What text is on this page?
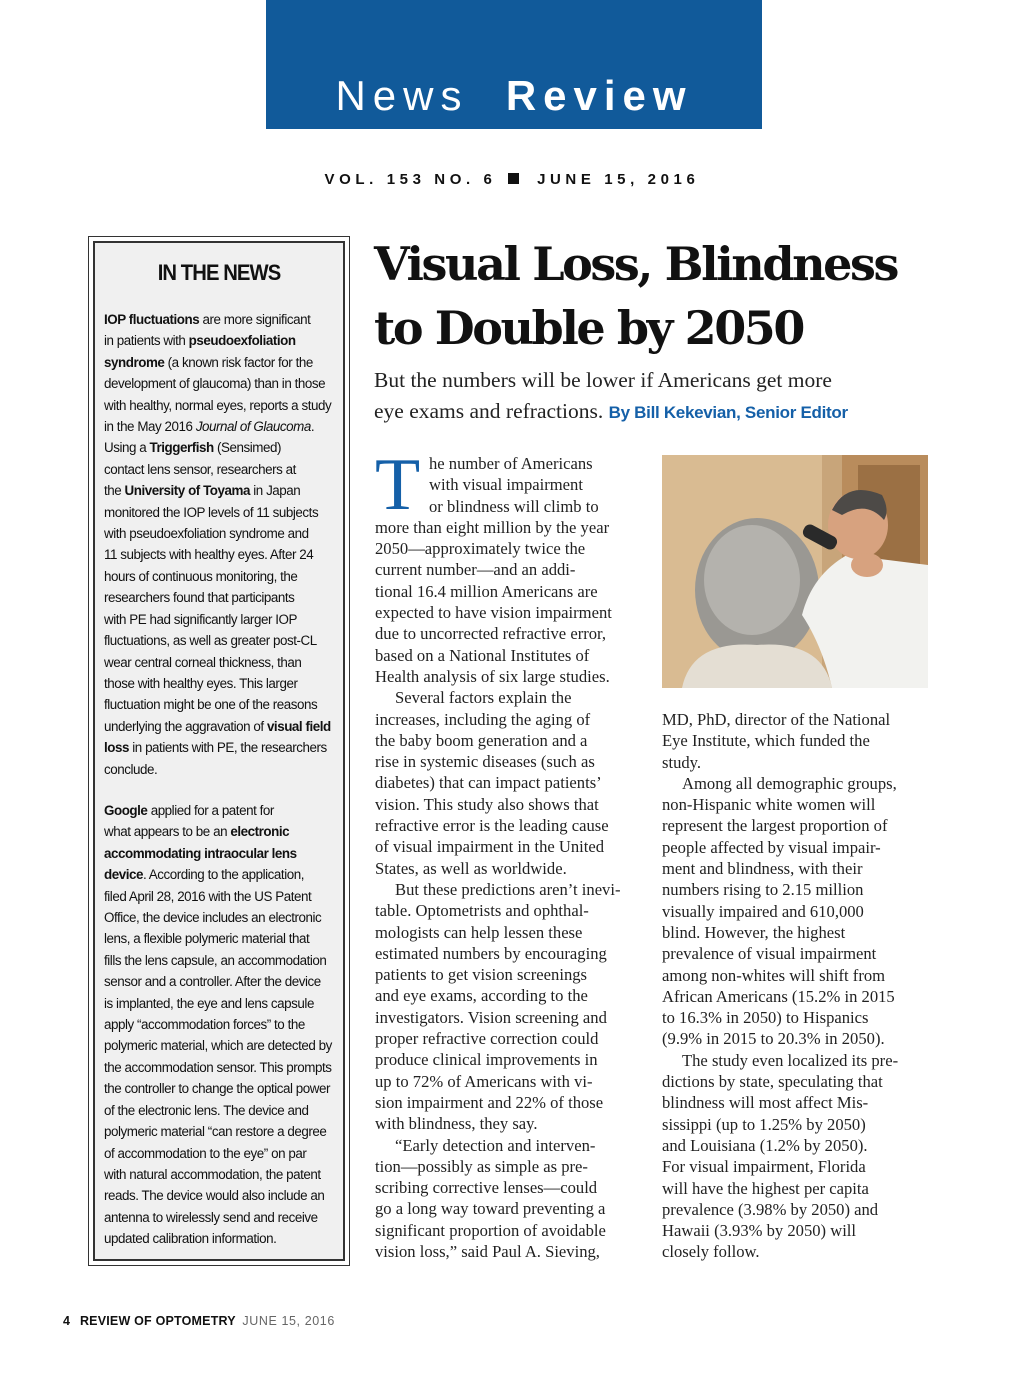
News Review
VOL. 153 NO. 6	JUNE 15, 2016
IN THE NEWS
IOP fluctuations are more significant
in patients with pseudoexfoliation
syndrome (a known risk factor for the
development of glaucoma) than in those
with healthy, normal eyes, reports a study
in the May 2016 Journal of Glaucoma.
Using a Triggerfish (Sensimed)
contact lens sensor, researchers at
the University of Toyama in Japan
monitored the IOP levels of 11 subjects
with pseudoexfoliation syndrome and
11 subjects with healthy eyes. After 24
hours of continuous monitoring, the
researchers found that participants
with PE had significantly larger IOP
fluctuations, as well as greater post-CL
wear central corneal thickness, than
those with healthy eyes. This larger
fluctuation might be one of the reasons
underlying the aggravation of visual field
loss in patients with PE, the researchers
conclude.
Google applied for a patent for
what appears to be an electronic
accommodating intraocular lens
device. According to the application,
filed April 28, 2016 with the US Patent
Office, the device includes an electronic
lens, a flexible polymeric material that
fills the lens capsule, an accommodation
sensor and a controller. After the device
is implanted, the eye and lens capsule
apply “accommodation forces” to the
polymeric material, which are detected by
the accommodation sensor. This prompts
the controller to change the optical power
of the electronic lens. The device and
polymeric material “can restore a degree
of accommodation to the eye” on par
with natural accommodation, the patent
reads. The device would also include an
antenna to wirelessly send and receive
updated calibration information.
Visual Loss, Blindness
to Double by 2050
But the numbers will be lower if Americans get more
eye exams and refractions. By Bill Kekevian, Senior Editor
T he number of Americans
with visual impairment
or blindness will climb to
more than eight million by the year
2050—approximately twice the
current number—and an addi-
tional 16.4 million Americans are
expected to have vision impairment
due to uncorrected refractive error,
based on a National Institutes of
Health analysis of six large studies.
Several factors explain the
increases, including the aging of
the baby boom generation and a
rise in systemic diseases (such as
diabetes) that can impact patients’
vision. This study also shows that
refractive error is the leading cause
of visual impairment in the United
States, as well as worldwide.
But these predictions aren’t inevi-
table. Optometrists and ophthal-
mologists can help lessen these
estimated numbers by encouraging
patients to get vision screenings
and eye exams, according to the
investigators. Vision screening and
proper refractive correction could
produce clinical improvements in
up to 72% of Americans with vi-
sion impairment and 22% of those
with blindness, they say.
“Early detection and interven-
tion—possibly as simple as pre-
scribing corrective lenses—could
go a long way toward preventing a
significant proportion of avoidable
vision loss,” said Paul A. Sieving,
MD, PhD, director of the National
Eye Institute, which funded the
study.
Among all demographic groups,
non-Hispanic white women will
represent the largest proportion of
people affected by visual impair-
ment and blindness, with their
numbers rising to 2.15 million
visually impaired and 610,000
blind. However, the highest
prevalence of visual impairment
among non-whites will shift from
African Americans (15.2% in 2015
to 16.3% in 2050) to Hispanics
(9.9% in 2015 to 20.3% in 2050).
The study even localized its pre-
dictions by state, speculating that
blindness will most affect Mis-
sissippi (up to 1.25% by 2050)
and Louisiana (1.2% by 2050).
For visual impairment, Florida
will have the highest per capita
prevalence (3.98% by 2050) and
Hawaii (3.93% by 2050) will
closely follow.
4 REVIEW OF OPTOMETRY JUNE 15, 2016
